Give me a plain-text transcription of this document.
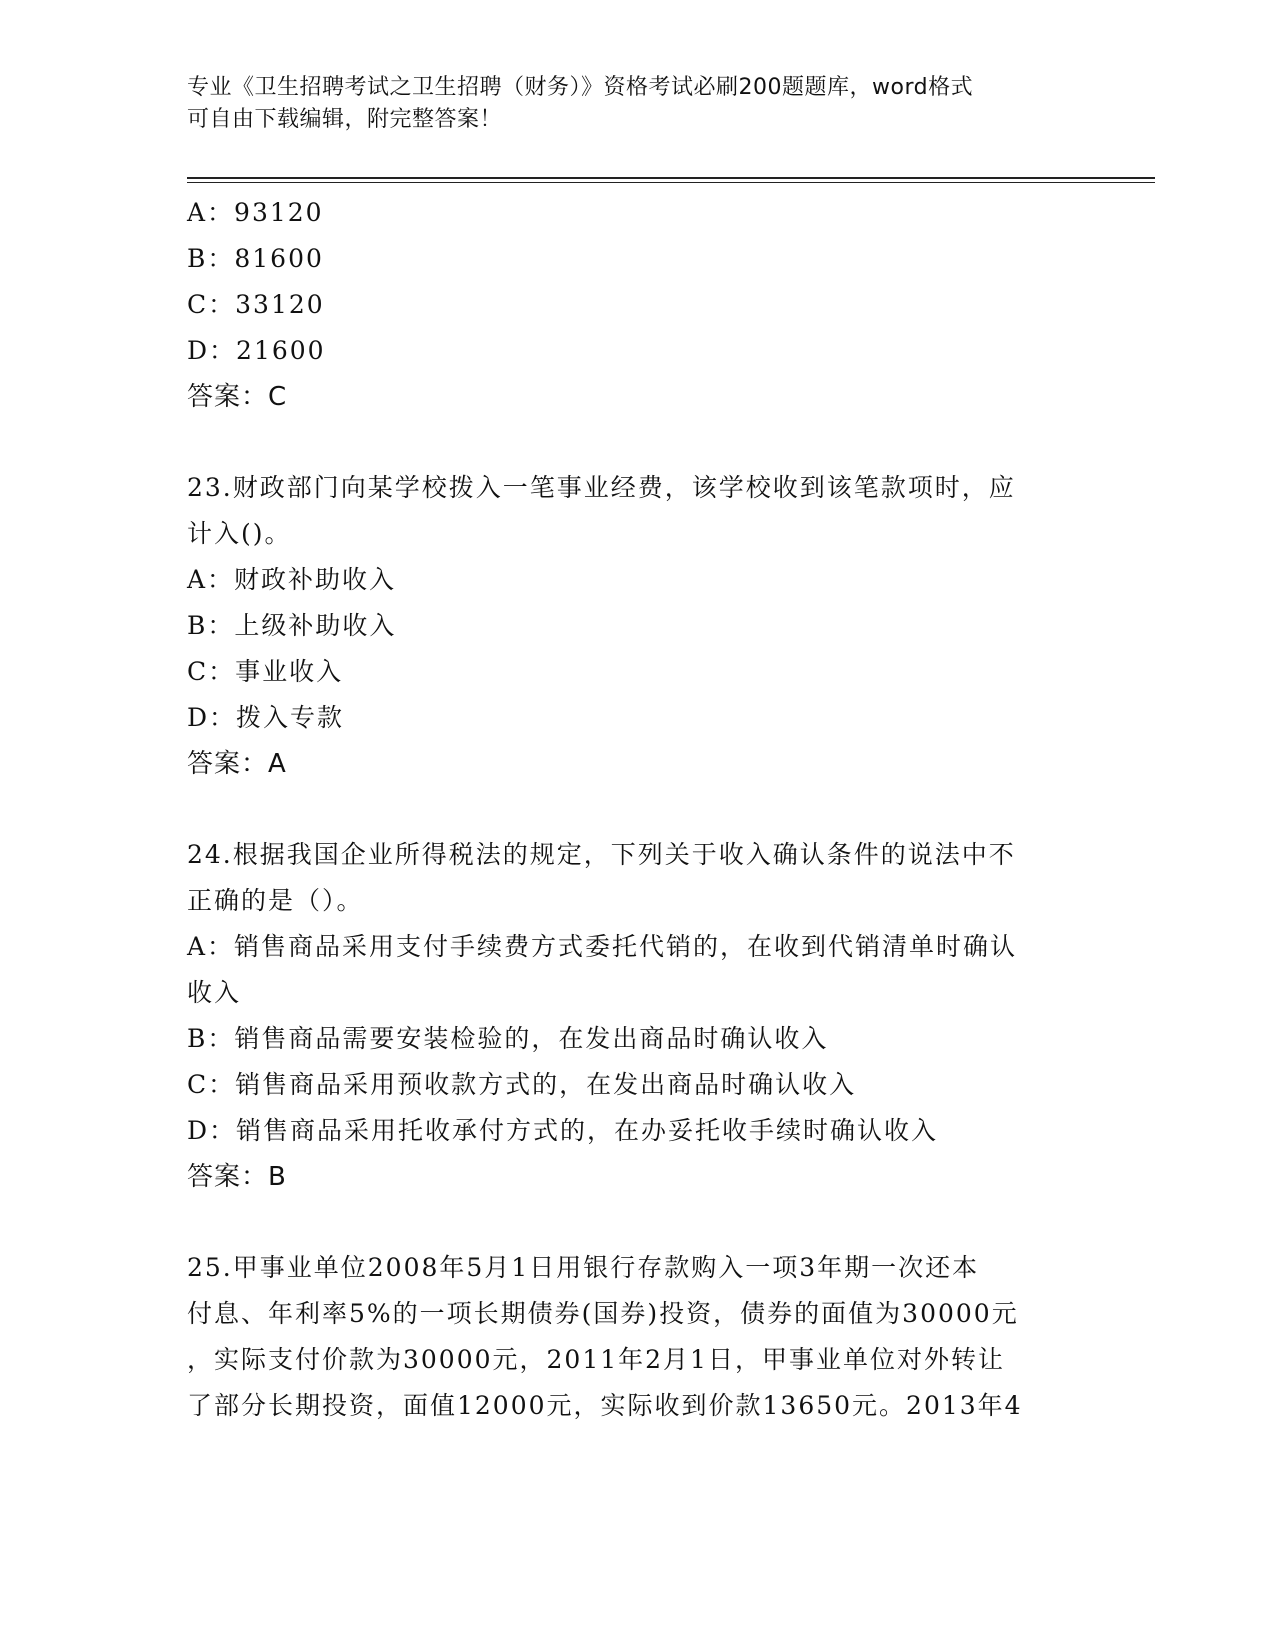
专业《卫生招聘考试之卫生招聘（财务）》资格考试必刷200题题库，word格式
可自由下载编辑，附完整答案！
A：93120
B：81600
C：33120
D：21600
答案：C
23.财政部门向某学校拨入一笔事业经费，该学校收到该笔款项时，应
计入()。
A：财政补助收入
B：上级补助收入
C：事业收入
D：拨入专款
答案：A
24.根据我国企业所得税法的规定，下列关于收入确认条件的说法中不
正确的是（）。
A：销售商品采用支付手续费方式委托代销的，在收到代销清单时确认
收入
B：销售商品需要安装检验的，在发出商品时确认收入
C：销售商品采用预收款方式的，在发出商品时确认收入
D：销售商品采用托收承付方式的，在办妥托收手续时确认收入
答案：B
25.甲事业单位2008年5月1日用银行存款购入一项3年期一次还本
付息、年利率5%的一项长期债券(国券)投资，债券的面值为30000元
，实际支付价款为30000元，2011年2月1日，甲事业单位对外转让
了部分长期投资，面值12000元，实际收到价款13650元。2013年4
